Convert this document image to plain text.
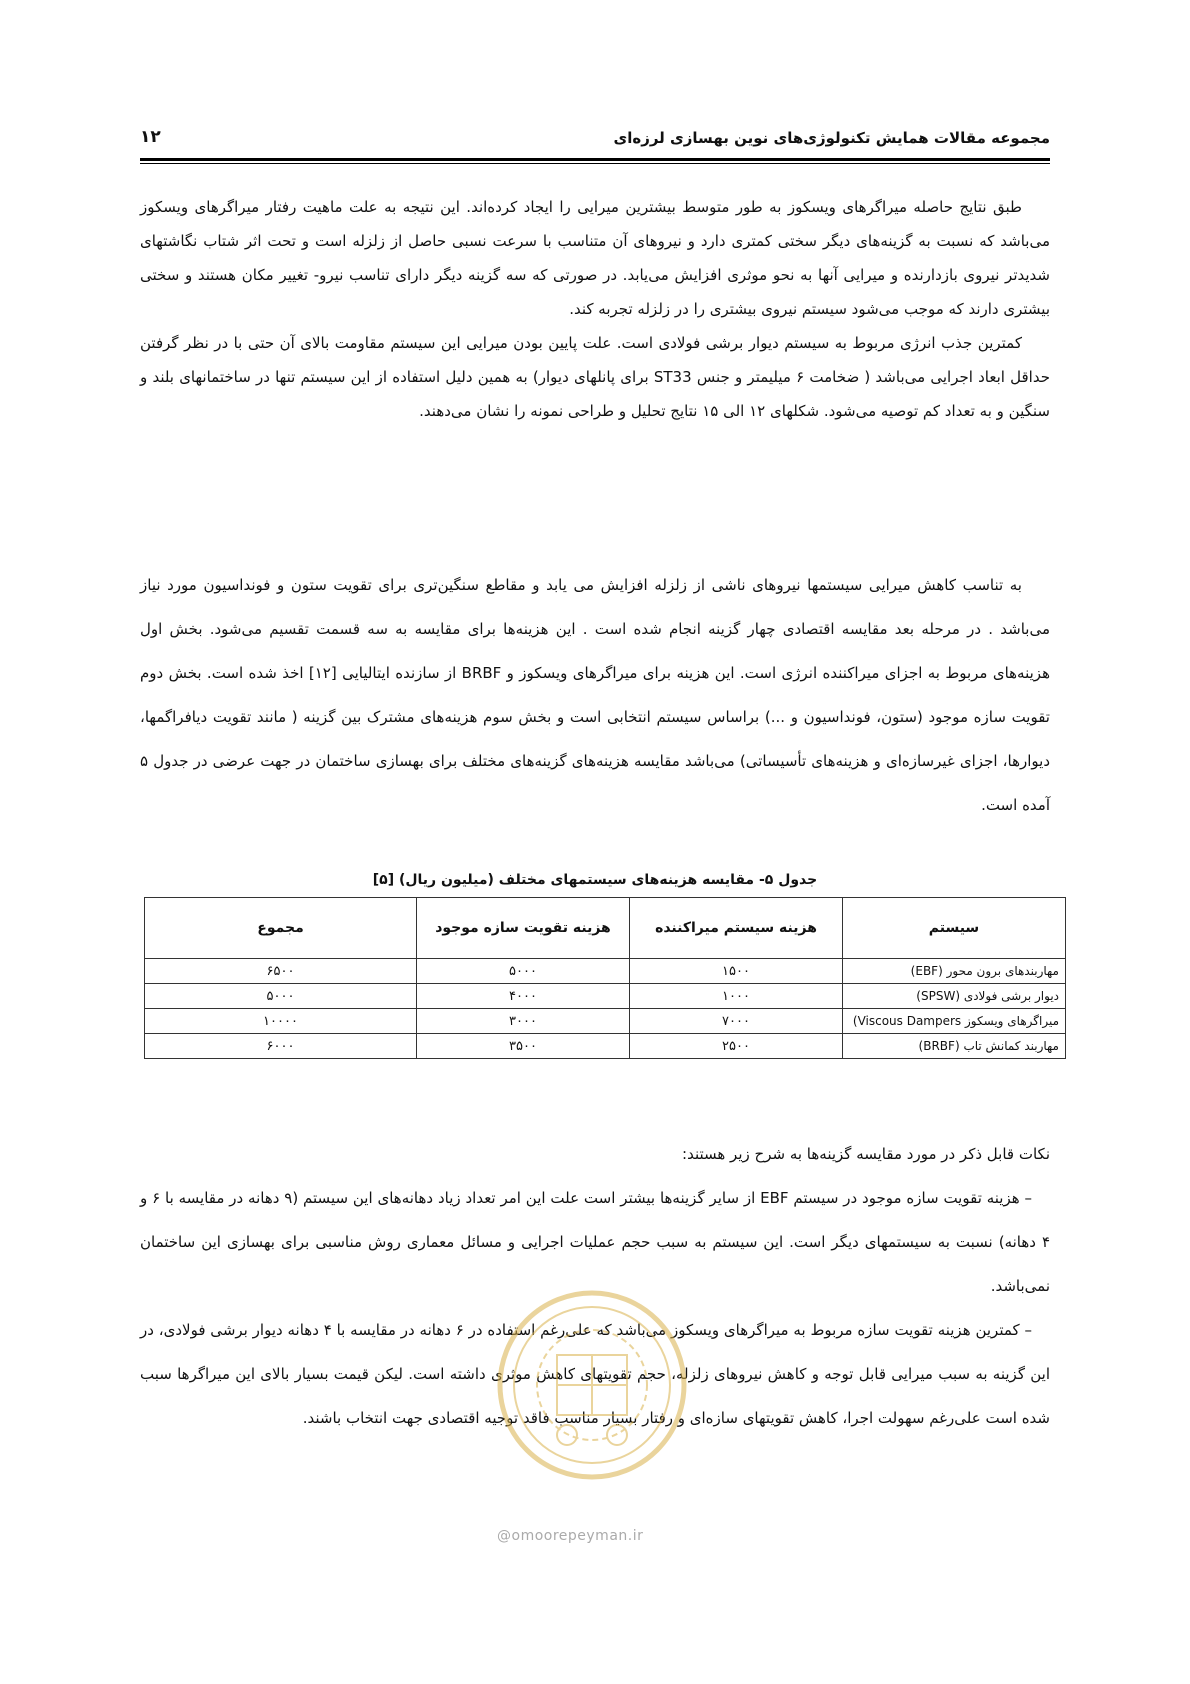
مجموعه مقالات همایش تکنولوژی‌های نوین بهسازی لرزه‌ای
۱۲

طبق نتایج حاصله میراگرهای ویسکوز به طور متوسط بیشترین میرایی را ایجاد کرده‌اند. این نتیجه به علت ماهیت رفتار میراگرهای ویسکوز می‌باشد که نسبت به گزینه‌های دیگر سختی کمتری دارد و نیروهای آن متناسب با سرعت نسبی حاصل از زلزله است و تحت اثر شتاب نگاشتهای شدیدتر نیروی بازدارنده و میرایی آنها به نحو موثری افزایش می‌یابد. در صورتی که سه گزینه دیگر دارای تناسب نیرو- تغییر مکان هستند و سختی بیشتری دارند که موجب می‌شود سیستم نیروی بیشتری را در زلزله تجربه کند.

کمترین جذب انرژی مربوط به سیستم دیوار برشی فولادی است. علت پایین بودن میرایی این سیستم مقاومت بالای آن حتی با در نظر گرفتن حداقل ابعاد اجرایی می‌باشد ( ضخامت ۶ میلیمتر و جنس ST33 برای پانلهای دیوار) به همین دلیل استفاده از این سیستم تنها در ساختمانهای بلند و سنگین و به تعداد کم توصیه می‌شود. شکلهای ۱۲ الی ۱۵ نتایج تحلیل و طراحی نمونه را نشان می‌دهند.

به تناسب کاهش میرایی سیستمها نیروهای ناشی از زلزله افزایش می یابد و مقاطع سنگین‌تری برای تقویت ستون و فونداسیون مورد نیاز می‌باشد . در مرحله بعد مقایسه اقتصادی چهار گزینه انجام شده است . این هزینه‌ها برای مقایسه به سه قسمت تقسیم می‌شود. بخش اول هزینه‌های مربوط به اجزای میراکننده انرژی است. این هزینه برای میراگرهای ویسکوز و BRBF از سازنده ایتالیایی [۱۲] اخذ شده است. بخش دوم تقویت سازه موجود (ستون، فونداسیون و ...) براساس سیستم انتخابی است و بخش سوم هزینه‌های مشترک بین گزینه ( مانند تقویت دیافراگمها، دیوارها، اجزای غیرسازه‌ای و هزینه‌های تأسیساتی) می‌باشد مقایسه هزینه‌های گزینه‌های مختلف برای بهسازی ساختمان در جهت عرضی در جدول ۵ آمده است.

جدول ۵- مقایسه هزینه‌های سیستمهای مختلف (میلیون ریال) [۵]
سیستم	هزینه سیستم میراکننده	هزینه تقویت سازه موجود	مجموع
مهاربندهای برون محور (EBF)	۱۵۰۰	۵۰۰۰	۶۵۰۰
دیوار برشی فولادی (SPSW)	۱۰۰۰	۴۰۰۰	۵۰۰۰
میراگرهای ویسکوز Viscous Dampers)	۷۰۰۰	۳۰۰۰	۱۰۰۰۰
مهاربند کمانش تاب (BRBF)	۲۵۰۰	۳۵۰۰	۶۰۰۰

نکات قابل ذکر در مورد مقایسه گزینه‌ها به شرح زیر هستند:

– هزینه تقویت سازه موجود در سیستم EBF از سایر گزینه‌ها بیشتر است علت این امر تعداد زیاد دهانه‌های این سیستم (۹ دهانه در مقایسه با ۶ و ۴ دهانه) نسبت به سیستمهای دیگر است. این سیستم به سبب حجم عملیات اجرایی و مسائل معماری روش مناسبی برای بهسازی این ساختمان نمی‌باشد.

– کمترین هزینه تقویت سازه مربوط به میراگرهای ویسکوز می‌باشد که علی‌رغم استفاده در ۶ دهانه در مقایسه با ۴ دهانه دیوار برشی فولادی، در این گزینه به سبب میرایی قابل توجه و کاهش نیروهای زلزله، حجم تقویتهای کاهش موثری داشته است. لیکن قیمت بسیار بالای این میراگرها سبب شده است علی‌رغم سهولت اجرا، کاهش تقویتهای سازه‌ای و رفتار بسیار مناسب فاقد توجیه اقتصادی جهت انتخاب باشند.

@omoorepeyman.ir
